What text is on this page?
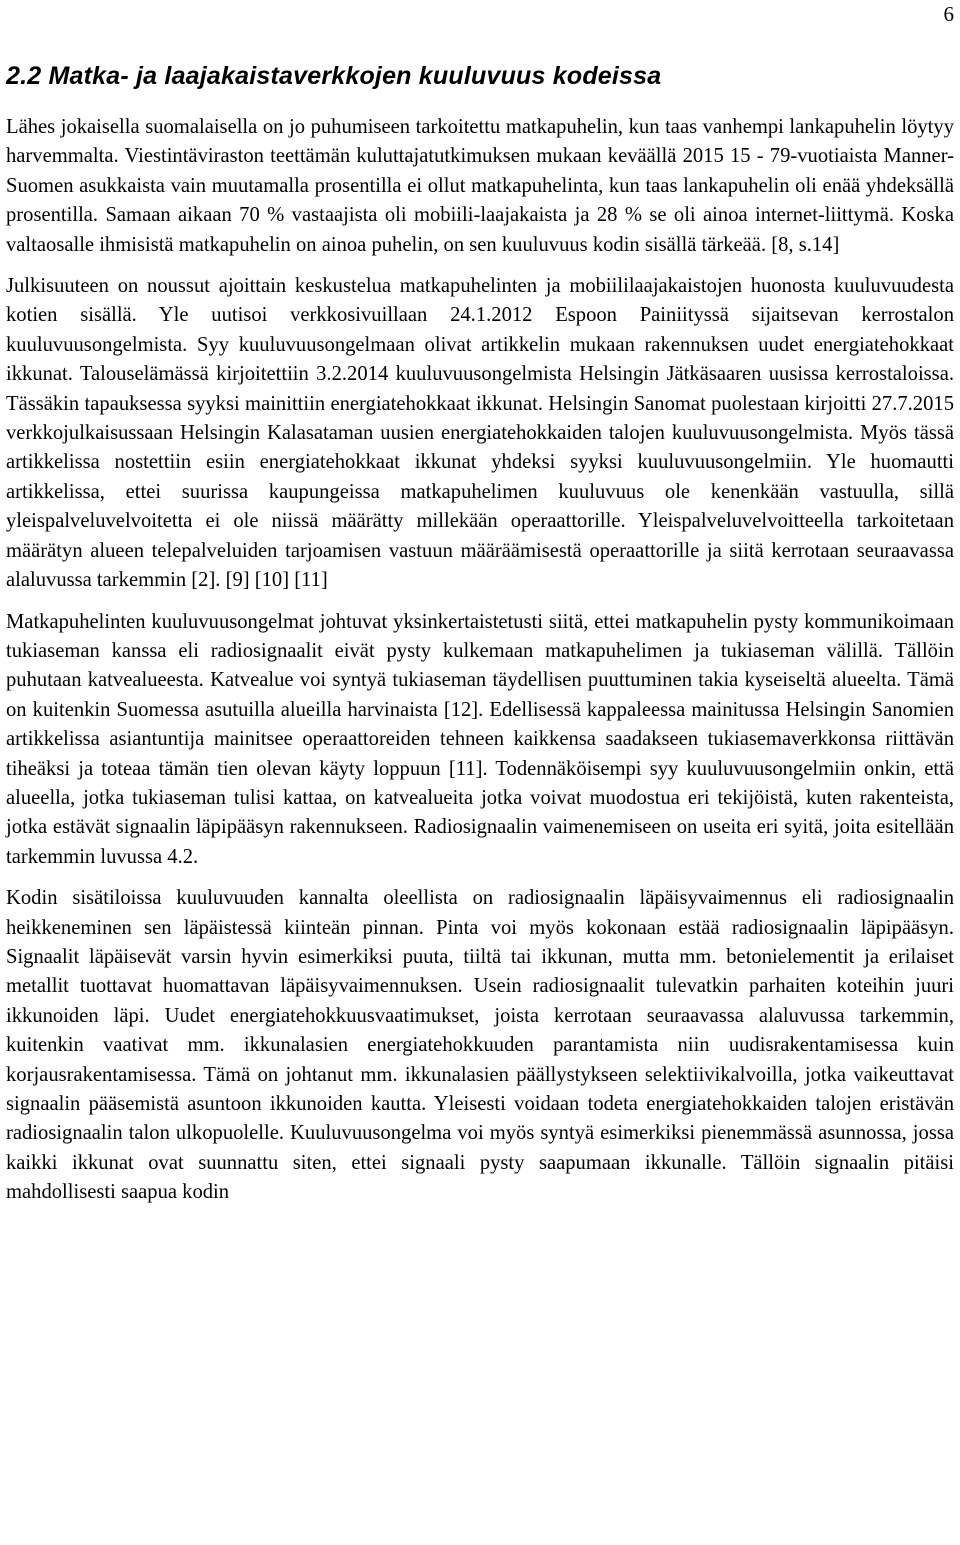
6
2.2 Matka- ja laajakaistaverkkojen kuuluvuus kodeissa

Lähes jokaisella suomalaisella on jo puhumiseen tarkoitettu matkapuhelin, kun taas vanhempi lankapuhelin löytyy harvemmalta. Viestintäviraston teettämän kuluttajatutkimuksen mukaan keväällä 2015 15 - 79-vuotiaista Manner-Suomen asukkaista vain muutamalla prosentilla ei ollut matkapuhelinta, kun taas lankapuhelin oli enää yhdeksällä prosentilla. Samaan aikaan 70 % vastaajista oli mobiili-laajakaista ja 28 % se oli ainoa internet-liittymä. Koska valtaosalle ihmisistä matkapuhelin on ainoa puhelin, on sen kuuluvuus kodin sisällä tärkeää. [8, s.14]

Julkisuuteen on noussut ajoittain keskustelua matkapuhelinten ja mobiililaajakaistojen huonosta kuuluvuudesta kotien sisällä. Yle uutisoi verkkosivuillaan 24.1.2012 Espoon Painiityssä sijaitsevan kerrostalon kuuluvuusongelmista. Syy kuuluvuusongelmaan olivat artikkelin mukaan rakennuksen uudet energiatehokkaat ikkunat. Talouselämässä kirjoitettiin 3.2.2014 kuuluvuusongelmista Helsingin Jätkäsaaren uusissa kerrostaloissa. Tässäkin tapauksessa syyksi mainittiin energiatehokkaat ikkunat. Helsingin Sanomat puolestaan kirjoitti 27.7.2015 verkkojulkaisussaan Helsingin Kalasataman uusien energiatehokkaiden talojen kuuluvuusongelmista. Myös tässä artikkelissa nostettiin esiin energiatehokkaat ikkunat yhdeksi syyksi kuuluvuusongelmiin. Yle huomautti artikkelissa, ettei suurissa kaupungeissa matkapuhelimen kuuluvuus ole kenenkään vastuulla, sillä yleispalveluvelvoitetta ei ole niissä määrätty millekään operaattorille. Yleispalveluvelvoitteella tarkoitetaan määrätyn alueen telepalveluiden tarjoamisen vastuun määräämisestä operaattorille ja siitä kerrotaan seuraavassa alaluvussa tarkemmin [2]. [9] [10] [11]

Matkapuhelinten kuuluvuusongelmat johtuvat yksinkertaistetusti siitä, ettei matkapuhelin pysty kommunikoimaan tukiaseman kanssa eli radiosignaalit eivät pysty kulkemaan matkapuhelimen ja tukiaseman välillä. Tällöin puhutaan katvealueesta. Katvealue voi syntyä tukiaseman täydellisen puuttuminen takia kyseiseltä alueelta. Tämä on kuitenkin Suomessa asutuilla alueilla harvinaista [12]. Edellisessä kappaleessa mainitussa Helsingin Sanomien artikkelissa asiantuntija mainitsee operaattoreiden tehneen kaikkensa saadakseen tukiasemaverkkonsa riittävän tiheäksi ja toteaa tämän tien olevan käyty loppuun [11]. Todennäköisempi syy kuuluvuusongelmiin onkin, että alueella, jotka tukiaseman tulisi kattaa, on katvealueita jotka voivat muodostua eri tekijöistä, kuten rakenteista, jotka estävät signaalin läpipääsyn rakennukseen. Radiosignaalin vaimenemiseen on useita eri syitä, joita esitellään tarkemmin luvussa 4.2.

Kodin sisätiloissa kuuluvuuden kannalta oleellista on radiosignaalin läpäisyvaimennus eli radiosignaalin heikkeneminen sen läpäistessä kiinteän pinnan. Pinta voi myös kokonaan estää radiosignaalin läpipääsyn. Signaalit läpäisevät varsin hyvin esimerkiksi puuta, tiiltä tai ikkunan, mutta mm. betonielementit ja erilaiset metallit tuottavat huomattavan läpäisyvaimennuksen. Usein radiosignaalit tulevatkin parhaiten koteihin juuri ikkunoiden läpi. Uudet energiatehokkuusvaatimukset, joista kerrotaan seuraavassa alaluvussa tarkemmin, kuitenkin vaativat mm. ikkunalasien energiatehokkuuden parantamista niin uudisrakentamisessa kuin korjausrakentamisessa. Tämä on johtanut mm. ikkunalasien päällystykseen selektiivikalvoilla, jotka vaikeuttavat signaalin pääsemistä asuntoon ikkunoiden kautta. Yleisesti voidaan todeta energiatehokkaiden talojen eristävän radiosignaalin talon ulkopuolelle. Kuuluvuusongelma voi myös syntyä esimerkiksi pienemmässä asunnossa, jossa kaikki ikkunat ovat suunnattu siten, ettei signaali pysty saapumaan ikkunalle. Tällöin signaalin pitäisi mahdollisesti saapua kodin
